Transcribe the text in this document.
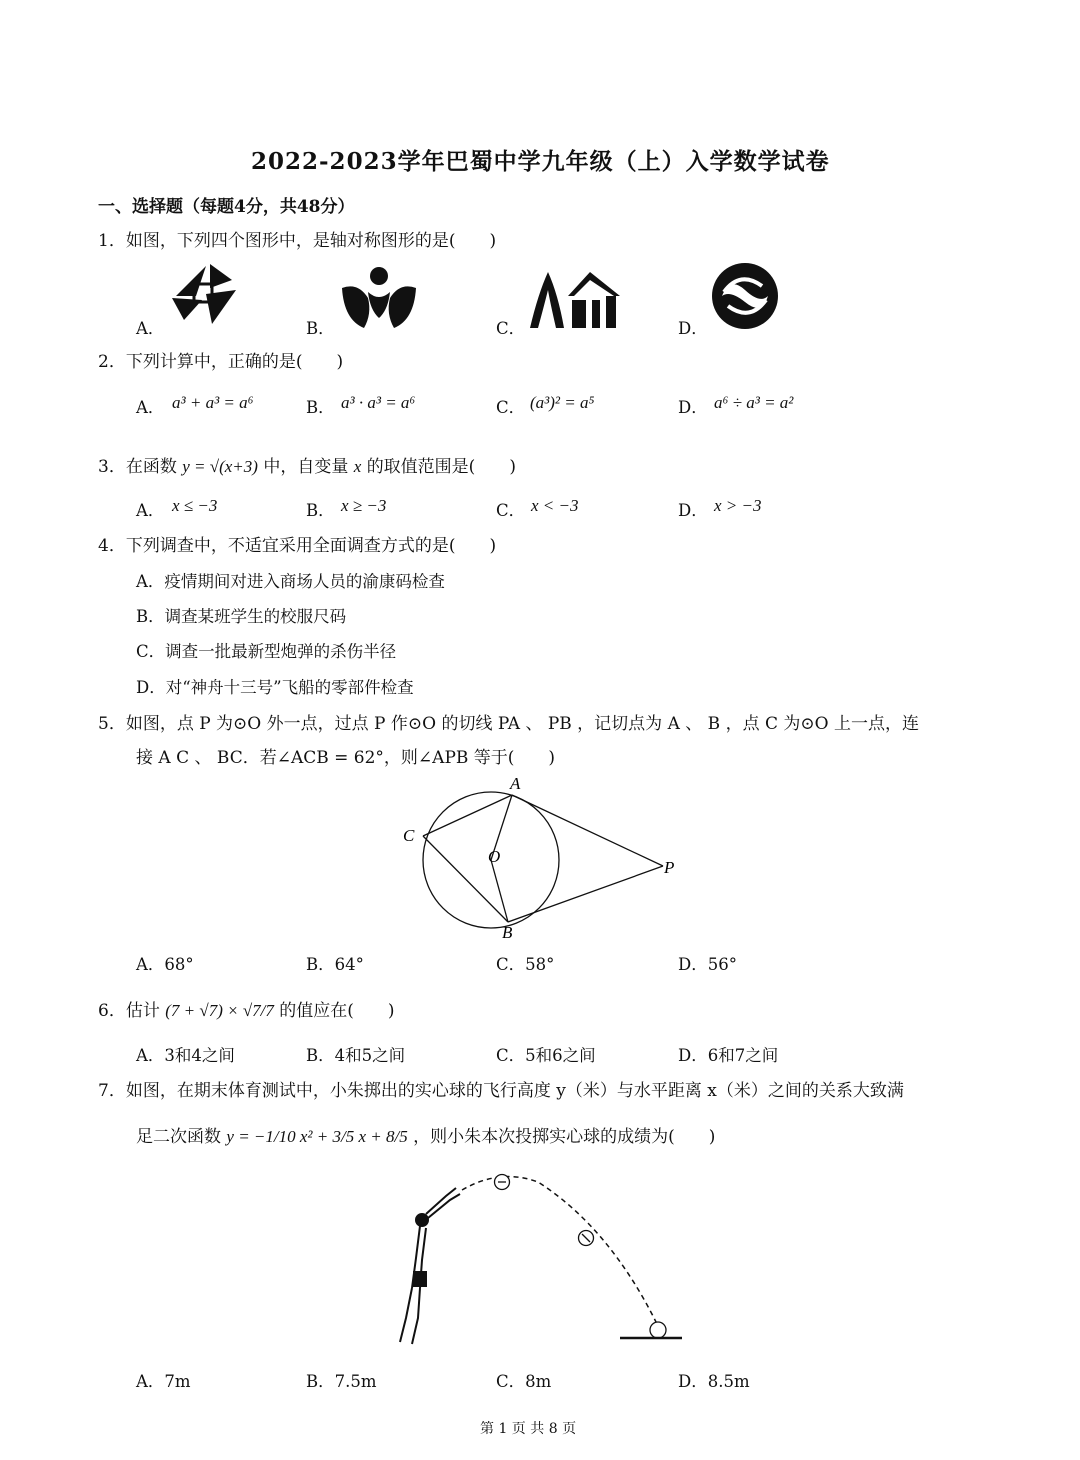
2022-2023学年巴蜀中学九年级（上）入学数学试卷
一、选择题（每题4分，共48分）
1．如图，下列四个图形中，是轴对称图形的是(　　)
A．	B．	C．	D．
2．下列计算中，正确的是(　　)
A． a³ + a³ = a⁶	B． a³ · a³ = a⁶	C． (a³)² = a⁵	D． a⁶ ÷ a³ = a²
3．在函数 y = √(x+3) 中，自变量 x 的取值范围是(　　)
A． x ≤ −3	B． x ≥ −3	C． x < −3	D． x > −3
4．下列调查中，不适宜采用全面调查方式的是(　　)
A．疫情期间对进入商场人员的渝康码检查
B．调查某班学生的校服尺码
C．调查一批最新型炮弹的杀伤半径
D．对“神舟十三号”飞船的零部件检查
5．如图，点 P 为⊙O 外一点，过点 P 作⊙O 的切线 PA 、 PB ，记切点为 A 、 B ，点 C 为⊙O 上一点，连
接 A C 、 BC．若∠ACB = 62°，则∠APB 等于(　　)
A
B
C
O
P
A．68°	B．64°	C．58°	D．56°
6．估计 (7 + √7) × √7/7 的值应在(　　)
A．3和4之间	B．4和5之间	C．5和6之间	D．6和7之间
7．如图，在期末体育测试中，小朱掷出的实心球的飞行高度 y（米）与水平距离 x（米）之间的关系大致满
足二次函数 y = −1/10 x² + 3/5 x + 8/5 ，则小朱本次投掷实心球的成绩为(　　)
A．7m	B．7.5m	C．8m	D．8.5m
第 1 页 共 8 页
